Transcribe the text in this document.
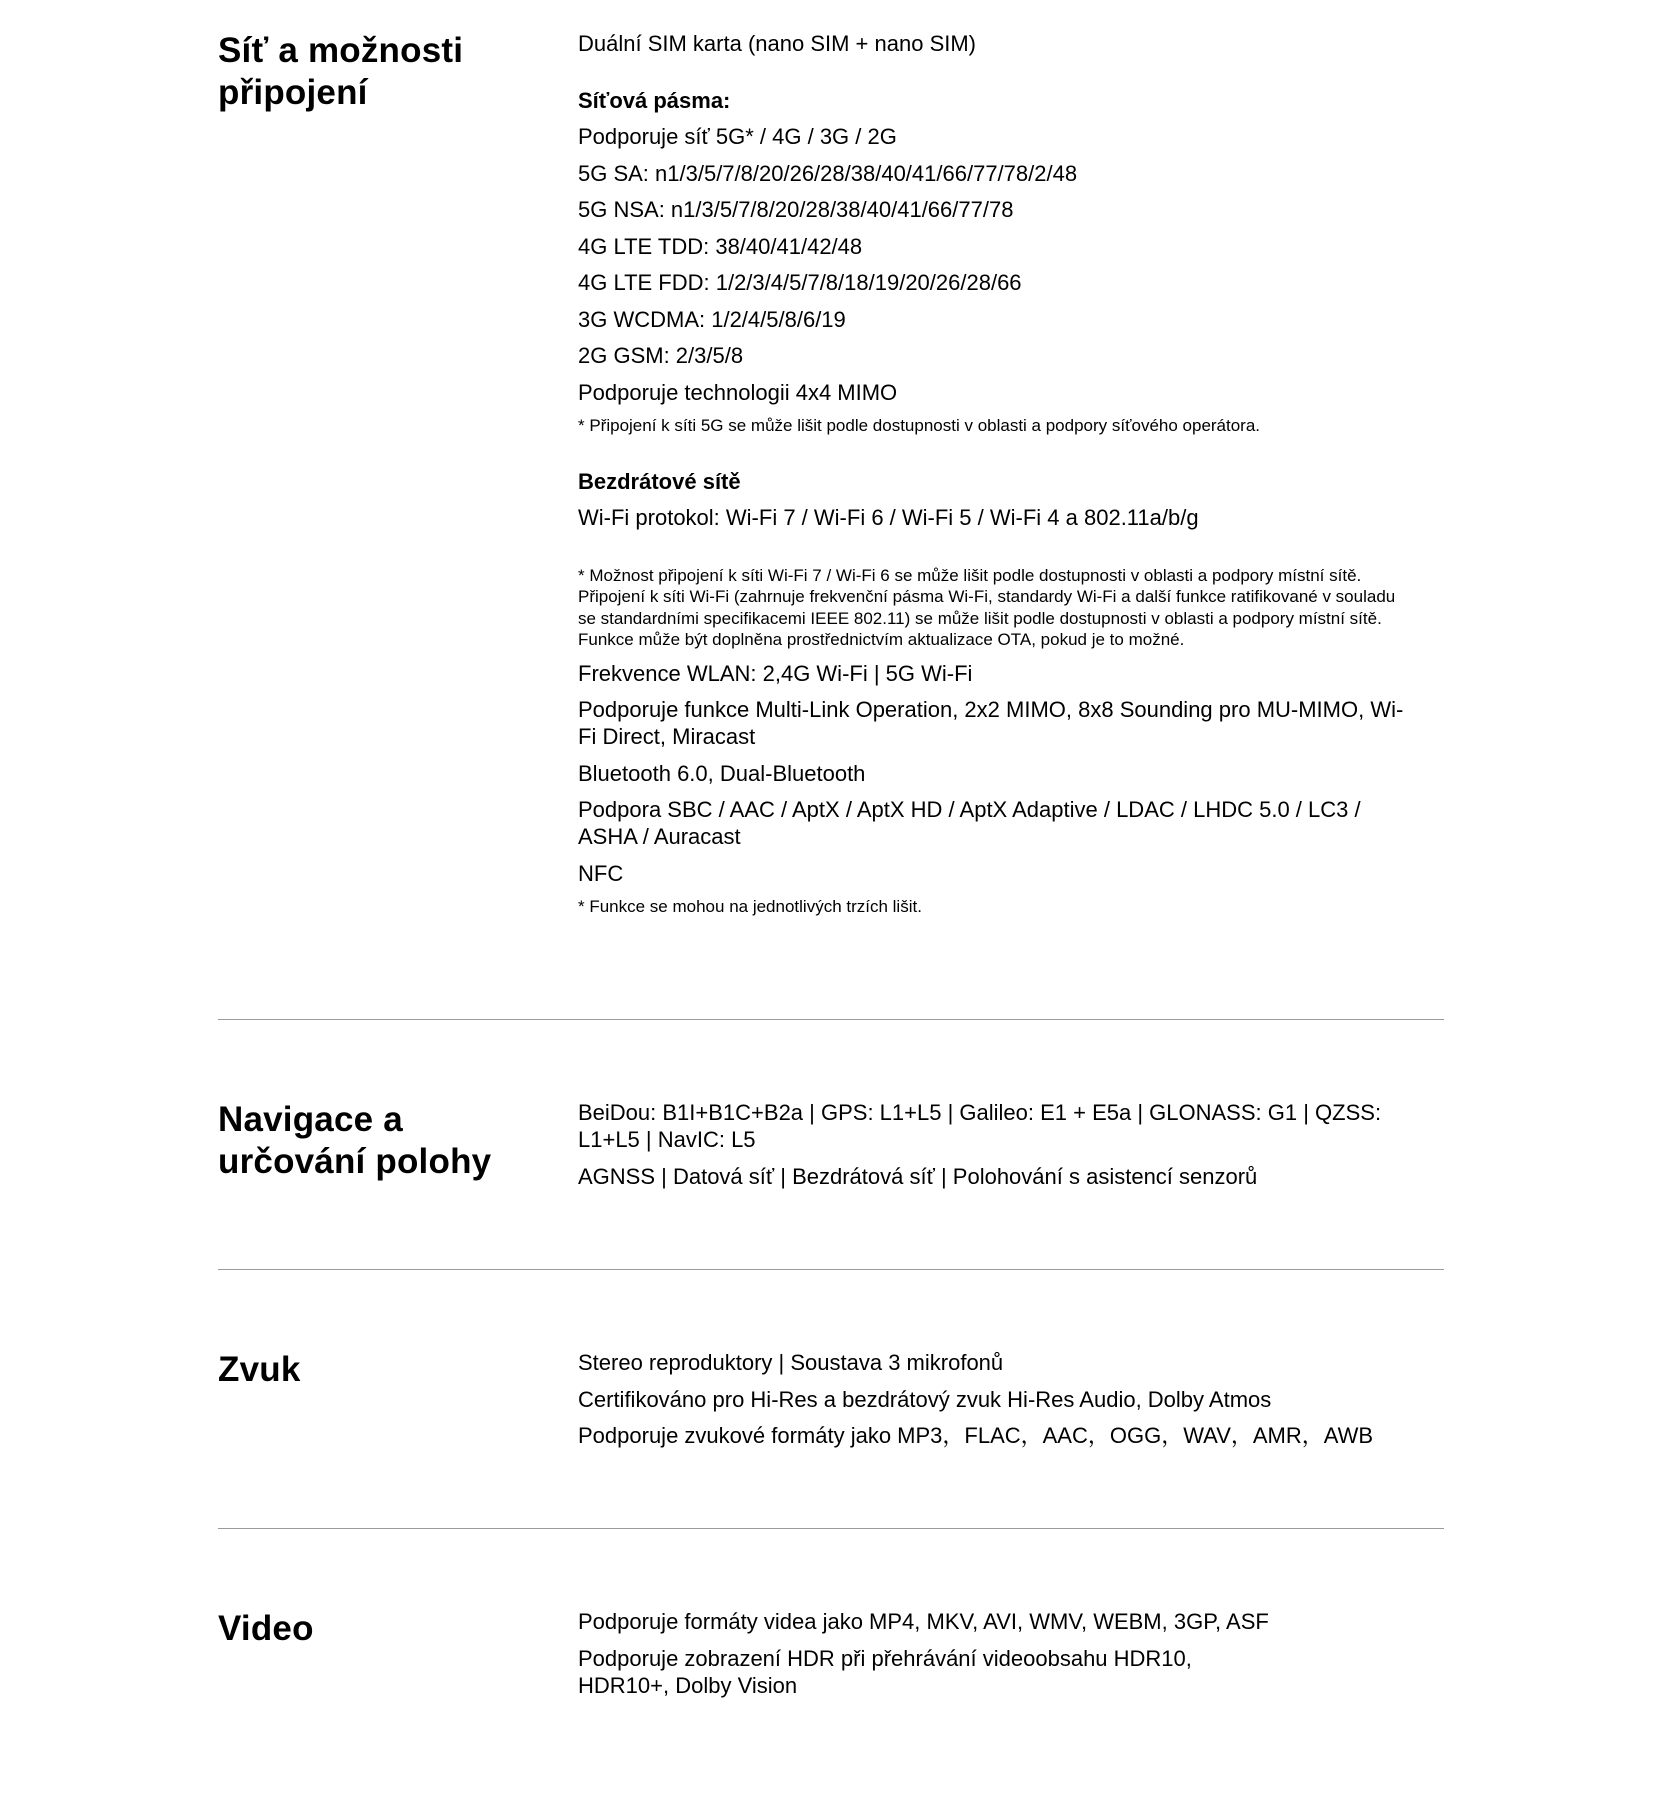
Síť a možnosti připojení

Duální SIM karta (nano SIM + nano SIM)

Síťová pásma:

Podporuje síť 5G* / 4G / 3G / 2G

5G SA: n1/3/5/7/8/20/26/28/38/40/41/66/77/78/2/48

5G NSA: n1/3/5/7/8/20/28/38/40/41/66/77/78

4G LTE TDD: 38/40/41/42/48

4G LTE FDD: 1/2/3/4/5/7/8/18/19/20/26/28/66

3G WCDMA: 1/2/4/5/8/6/19

2G GSM: 2/3/5/8

Podporuje technologii 4x4 MIMO

* Připojení k síti 5G se může lišit podle dostupnosti v oblasti a podpory síťového operátora.

Bezdrátové sítě

Wi-Fi protokol: Wi-Fi 7 / Wi-Fi 6 / Wi-Fi 5 / Wi-Fi 4 a 802.11a/b/g

* Možnost připojení k síti Wi-Fi 7 / Wi-Fi 6 se může lišit podle dostupnosti v oblasti a podpory místní sítě. Připojení k síti Wi-Fi (zahrnuje frekvenční pásma Wi-Fi, standardy Wi-Fi a další funkce ratifikované v souladu se standardními specifikacemi IEEE 802.11) se může lišit podle dostupnosti v oblasti a podpory místní sítě. Funkce může být doplněna prostřednictvím aktualizace OTA, pokud je to možné.

Frekvence WLAN: 2,4G Wi-Fi | 5G Wi-Fi

Podporuje funkce Multi-Link Operation, 2x2 MIMO, 8x8 Sounding pro MU-MIMO, Wi-Fi Direct, Miracast

Bluetooth 6.0, Dual-Bluetooth

Podpora SBC / AAC / AptX / AptX HD / AptX Adaptive / LDAC / LHDC 5.0 / LC3 / ASHA / Auracast

NFC

* Funkce se mohou na jednotlivých trzích lišit.

Navigace a určování polohy

BeiDou: B1I+B1C+B2a | GPS: L1+L5 | Galileo: E1 + E5a | GLONASS: G1 | QZSS: L1+L5 | NavIC: L5

AGNSS | Datová síť | Bezdrátová síť | Polohování s asistencí senzorů

Zvuk	Stereo reproduktory | Soustava 3 mikrofonů

Certifikováno pro Hi-Res a bezdrátový zvuk Hi-Res Audio, Dolby Atmos

Podporuje zvukové formáty jako MP3，FLAC，AAC，OGG，WAV，AMR，AWB

Video	Podporuje formáty videa jako MP4, MKV, AVI, WMV, WEBM, 3GP, ASF

Podporuje zobrazení HDR při přehrávání videoobsahu HDR10, HDR10+, Dolby Vision
